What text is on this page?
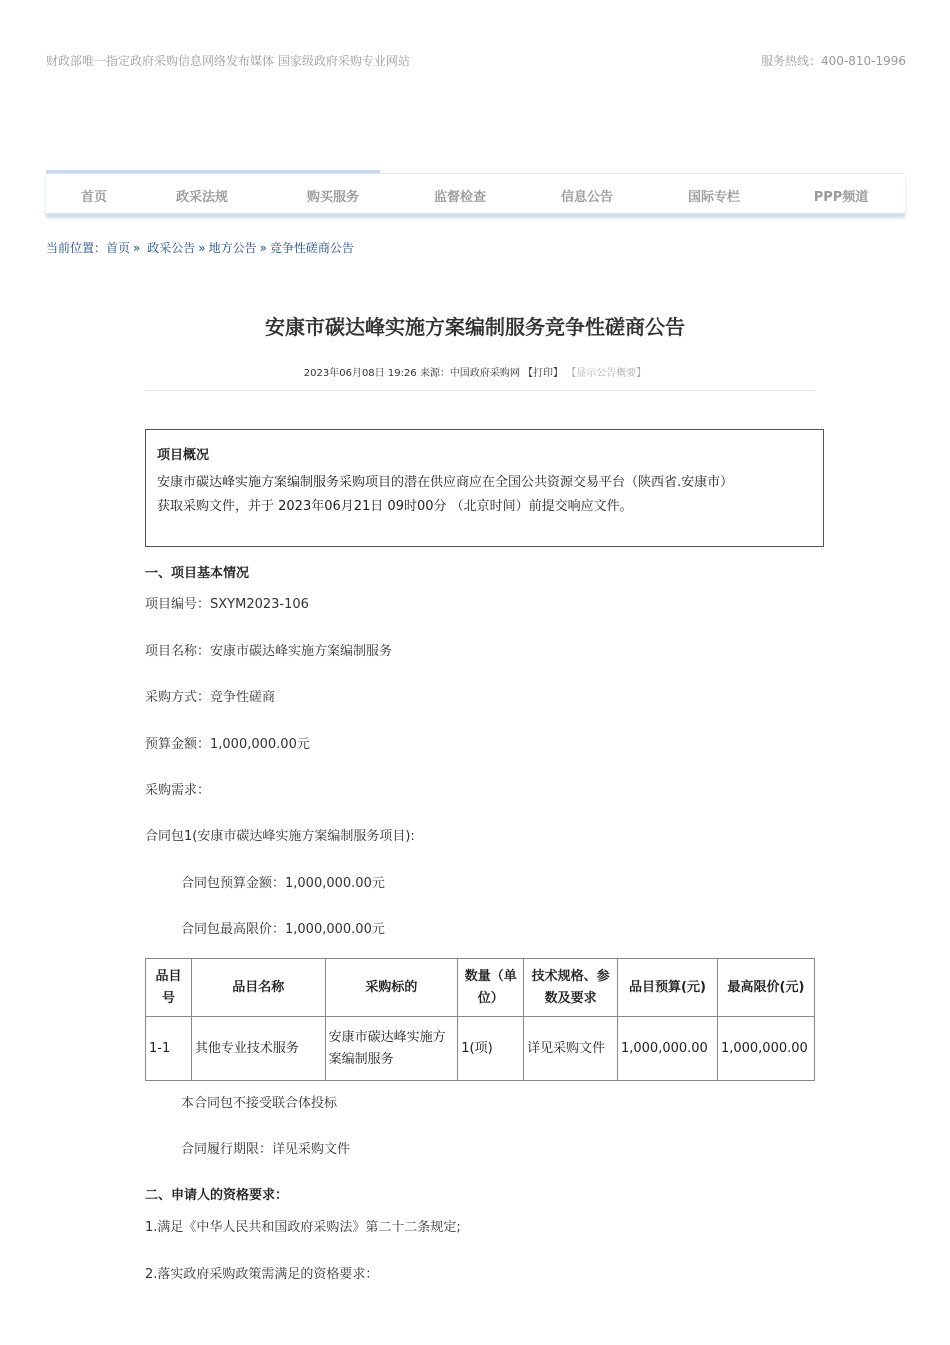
财政部唯一指定政府采购信息网络发布媒体 国家级政府采购专业网站	服务热线：400-810-1996
首页	政采法规	购买服务	监督检查	信息公告	国际专栏	PPP频道
当前位置：首页 » 政采公告 » 地方公告 » 竞争性磋商公告
安康市碳达峰实施方案编制服务竞争性磋商公告
2023年06月08日 19:26 来源：中国政府采购网 【打印】 【显示公告概要】
项目概况

安康市碳达峰实施方案编制服务采购项目的潜在供应商应在全国公共资源交易平台（陕西省.安康市）

获取采购文件，并于 2023年06月21日 09时00分 （北京时间）前提交响应文件。

一、项目基本情况
项目编号：SXYM2023-106
项目名称：安康市碳达峰实施方案编制服务
采购方式：竞争性磋商
预算金额：1,000,000.00元
采购需求：
合同包1(安康市碳达峰实施方案编制服务项目):
合同包预算金额：1,000,000.00元
合同包最高限价：1,000,000.00元
品目号	品目名称	采购标的	数量（单位）	技术规格、参数及要求	品目预算(元)	最高限价(元)
1-1	其他专业技术服务	安康市碳达峰实施方案编制服务	1(项)	详见采购文件	1,000,000.00	1,000,000.00
本合同包不接受联合体投标
合同履行期限：详见采购文件
二、申请人的资格要求：
1.满足《中华人民共和国政府采购法》第二十二条规定;
2.落实政府采购政策需满足的资格要求：
